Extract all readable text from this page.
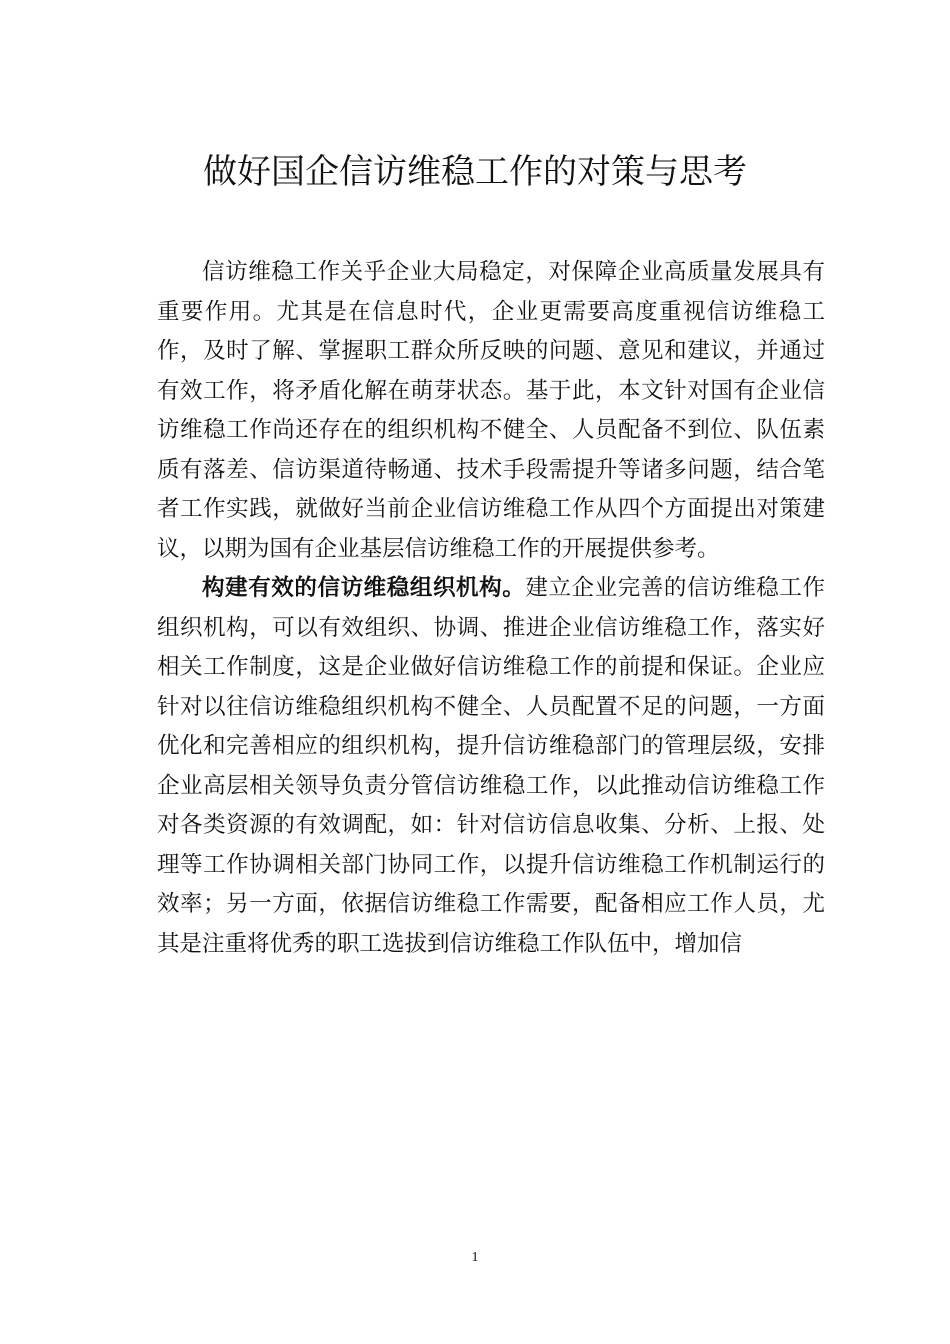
做好国企信访维稳工作的对策与思考

信访维稳工作关乎企业大局稳定，对保障企业高质量发展具有重要作用。尤其是在信息时代，企业更需要高度重视信访维稳工作，及时了解、掌握职工群众所反映的问题、意见和建议，并通过有效工作，将矛盾化解在萌芽状态。基于此，本文针对国有企业信访维稳工作尚还存在的组织机构不健全、人员配备不到位、队伍素质有落差、信访渠道待畅通、技术手段需提升等诸多问题，结合笔者工作实践，就做好当前企业信访维稳工作从四个方面提出对策建议，以期为国有企业基层信访维稳工作的开展提供参考。

构建有效的信访维稳组织机构。建立企业完善的信访维稳工作组织机构，可以有效组织、协调、推进企业信访维稳工作，落实好相关工作制度，这是企业做好信访维稳工作的前提和保证。企业应针对以往信访维稳组织机构不健全、人员配置不足的问题，一方面优化和完善相应的组织机构，提升信访维稳部门的管理层级，安排企业高层相关领导负责分管信访维稳工作，以此推动信访维稳工作对各类资源的有效调配，如：针对信访信息收集、分析、上报、处理等工作协调相关部门协同工作，以提升信访维稳工作机制运行的效率；另一方面，依据信访维稳工作需要，配备相应工作人员，尤其是注重将优秀的职工选拔到信访维稳工作队伍中，增加信

1
